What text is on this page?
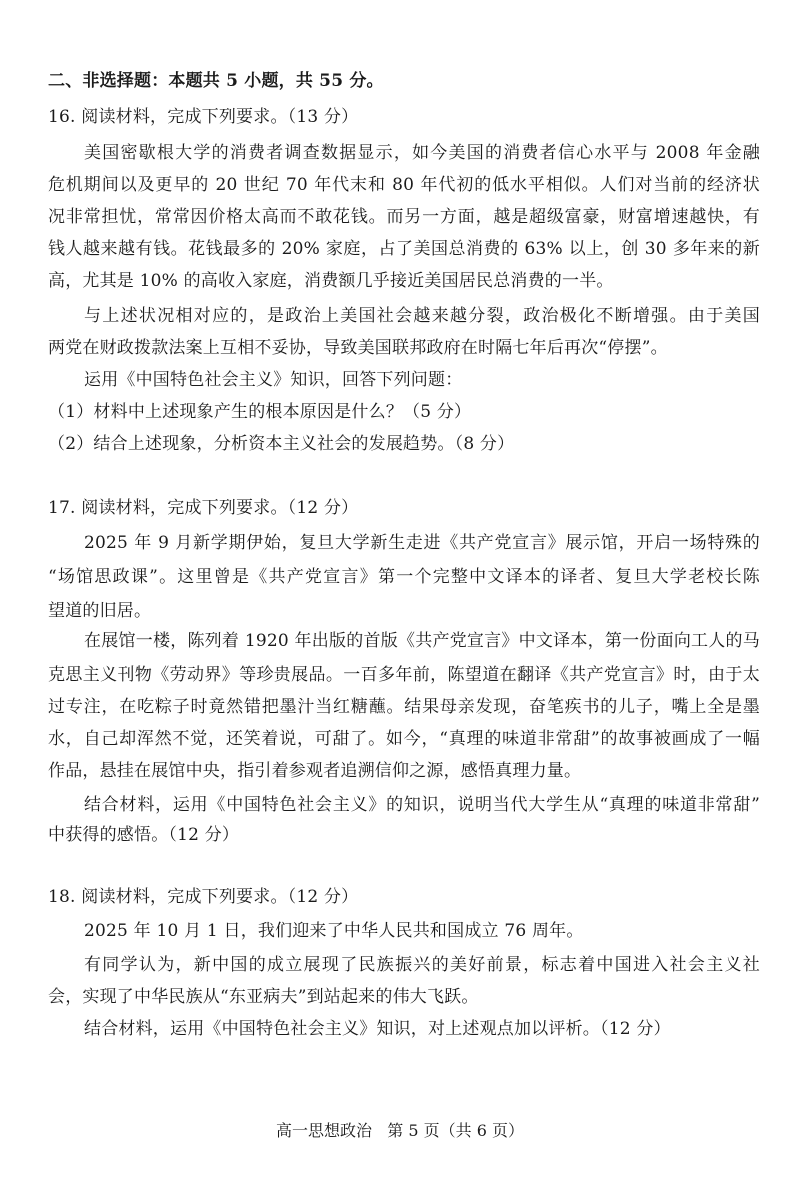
二、非选择题：本题共 5 小题，共 55 分。
16. 阅读材料，完成下列要求。（13 分）
美国密歇根大学的消费者调查数据显示，如今美国的消费者信心水平与 2008 年金融
危机期间以及更早的 20 世纪 70 年代末和 80 年代初的低水平相似。人们对当前的经济状
况非常担忧，常常因价格太高而不敢花钱。而另一方面，越是超级富豪，财富增速越快，有
钱人越来越有钱。花钱最多的 20% 家庭，占了美国总消费的 63% 以上，创 30 多年来的新
高，尤其是 10% 的高收入家庭，消费额几乎接近美国居民总消费的一半。
与上述状况相对应的，是政治上美国社会越来越分裂，政治极化不断增强。由于美国
两党在财政拨款法案上互相不妥协，导致美国联邦政府在时隔七年后再次“停摆”。
运用《中国特色社会主义》知识，回答下列问题：
（1）材料中上述现象产生的根本原因是什么？（5 分）
（2）结合上述现象，分析资本主义社会的发展趋势。（8 分）
17. 阅读材料，完成下列要求。（12 分）
2025 年 9 月新学期伊始，复旦大学新生走进《共产党宣言》展示馆，开启一场特殊的
“场馆思政课”。这里曾是《共产党宣言》第一个完整中文译本的译者、复旦大学老校长陈
望道的旧居。
在展馆一楼，陈列着 1920 年出版的首版《共产党宣言》中文译本，第一份面向工人的马
克思主义刊物《劳动界》等珍贵展品。一百多年前，陈望道在翻译《共产党宣言》时，由于太
过专注，在吃粽子时竟然错把墨汁当红糖蘸。结果母亲发现，奋笔疾书的儿子，嘴上全是墨
水，自己却浑然不觉，还笑着说，可甜了。如今，“真理的味道非常甜”的故事被画成了一幅
作品，悬挂在展馆中央，指引着参观者追溯信仰之源，感悟真理力量。
结合材料，运用《中国特色社会主义》的知识，说明当代大学生从“真理的味道非常甜”
中获得的感悟。（12 分）
18. 阅读材料，完成下列要求。（12 分）
2025 年 10 月 1 日，我们迎来了中华人民共和国成立 76 周年。
有同学认为，新中国的成立展现了民族振兴的美好前景，标志着中国进入社会主义社
会，实现了中华民族从“东亚病夫”到站起来的伟大飞跃。
结合材料，运用《中国特色社会主义》知识，对上述观点加以评析。（12 分）
高一思想政治   第 5 页（共 6 页）
